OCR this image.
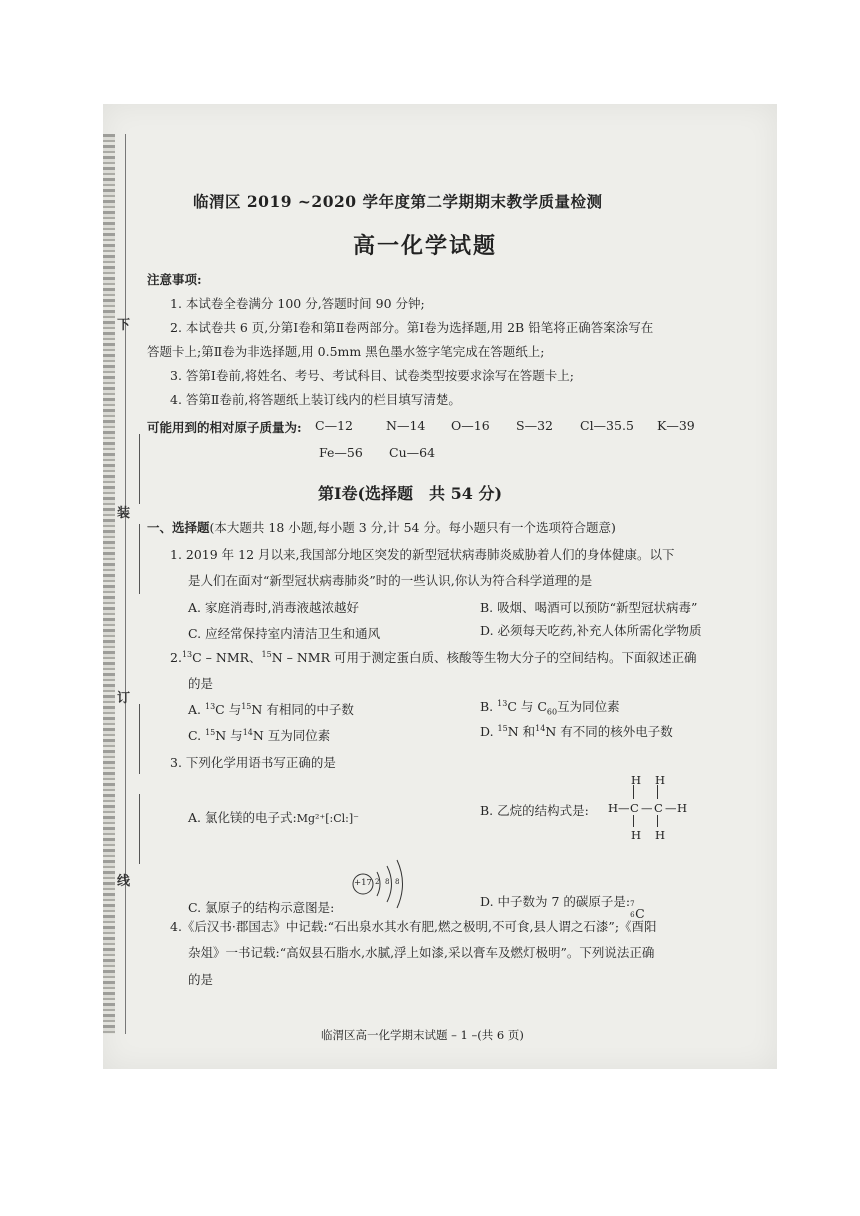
下
装
订
线
临渭区 2019 ~2020 学年度第二学期期末教学质量检测
高一化学试题
注意事项:
1. 本试卷全卷满分 100 分,答题时间 90 分钟;
2. 本试卷共 6 页,分第Ⅰ卷和第Ⅱ卷两部分。第Ⅰ卷为选择题,用 2B 铅笔将正确答案涂写在
答题卡上;第Ⅱ卷为非选择题,用 0.5mm 黑色墨水签字笔完成在答题纸上;
3. 答第Ⅰ卷前,将姓名、考号、考试科目、试卷类型按要求涂写在答题卡上;
4. 答第Ⅱ卷前,将答题纸上装订线内的栏目填写清楚。
可能用到的相对原子质量为: C—12	N—14 O—16 S—32 Cl—35.5 K—39
Fe—56 Cu—64
第Ⅰ卷(选择题　共 54 分)
一、选择题(本大题共 18 小题,每小题 3 分,计 54 分。每小题只有一个选项符合题意)
1. 2019 年 12 月以来,我国部分地区突发的新型冠状病毒肺炎威胁着人们的身体健康。以下
是人们在面对“新型冠状病毒肺炎”时的一些认识,你认为符合科学道理的是
A. 家庭消毒时,消毒液越浓越好	B. 吸烟、喝酒可以预防“新型冠状病毒”
C. 应经常保持室内清洁卫生和通风	D. 必须每天吃药,补充人体所需化学物质
2.13C – NMR、$^{15}$N – NMR 可用于测定蛋白质、核酸等生物大分子的空间结构。下面叙述正确
的是
A. $^{13}$C 与$^{15}$N 有相同的中子数	B. $^{13}$C 与 $C_{60}$互为同位素
C. $^{15}$N 与$^{14}$N 互为同位素	D. $^{15}$N 和$^{14}$N 有不同的核外电子数
3. 下列化学用语书写正确的是
A. 氯化镁的电子式:Mg²⁺[:Cl:]⁻
B. 乙烷的结构式是:
H H
H — C — C — H
H H
C. 氯原子的结构示意图是:
+17 2 8 8
D. 中子数为 7 的碳原子是: 7
6 C
4.《后汉书·郡国志》中记载:“石出泉水其水有肥,燃之极明,不可食,县人谓之石漆”;《酉阳
杂俎》一书记载:“高奴县石脂水,水腻,浮上如漆,采以膏车及燃灯极明”。下列说法正确
的是
临渭区高一化学期末试题 – 1 –(共 6 页)
